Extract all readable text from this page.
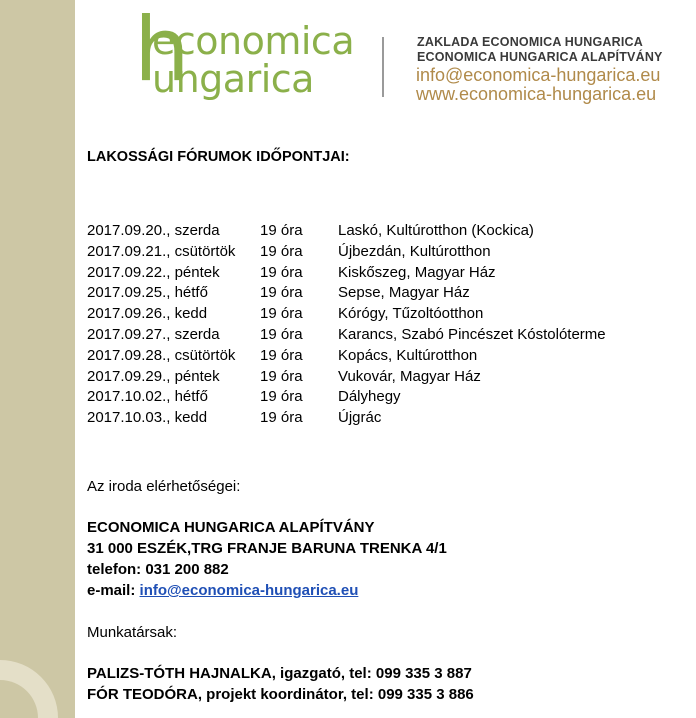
h
economica
ungarica
ZAKLADA ECONOMICA HUNGARICA
ECONOMICA HUNGARICA ALAPÍTVÁNY
info@economica-hungarica.eu
www.economica-hungarica.eu
LAKOSSÁGI FÓRUMOK IDŐPONTJAI:
2017.09.20., szerda	19 óra Laskó, Kultúrotthon (Kockica)
2017.09.21., csütörtök 19 óra Újbezdán, Kultúrotthon
2017.09.22., péntek	19 óra Kiskőszeg, Magyar Ház
2017.09.25., hétfő	19 óra Sepse, Magyar Ház
2017.09.26., kedd	19 óra Kórógy, Tűzoltóotthon
2017.09.27., szerda	19 óra Karancs, Szabó Pincészet Kóstolóterme
2017.09.28., csütörtök 19 óra Kopács, Kultúrotthon
2017.09.29., péntek	19 óra Vukovár, Magyar Ház
2017.10.02., hétfő	19 óra Dályhegy
2017.10.03., kedd	19 óra Újgrác
Az iroda elérhetőségei:
ECONOMICA HUNGARICA ALAPÍTVÁNY
31 000 ESZÉK,TRG FRANJE BARUNA TRENKA 4/1
telefon: 031 200 882
e-mail: info@economica-hungarica.eu
Munkatársak:
PALIZS-TÓTH HAJNALKA, igazgató, tel: 099 335 3 887
FÓR TEODÓRA, projekt koordinátor, tel: 099 335 3 886
